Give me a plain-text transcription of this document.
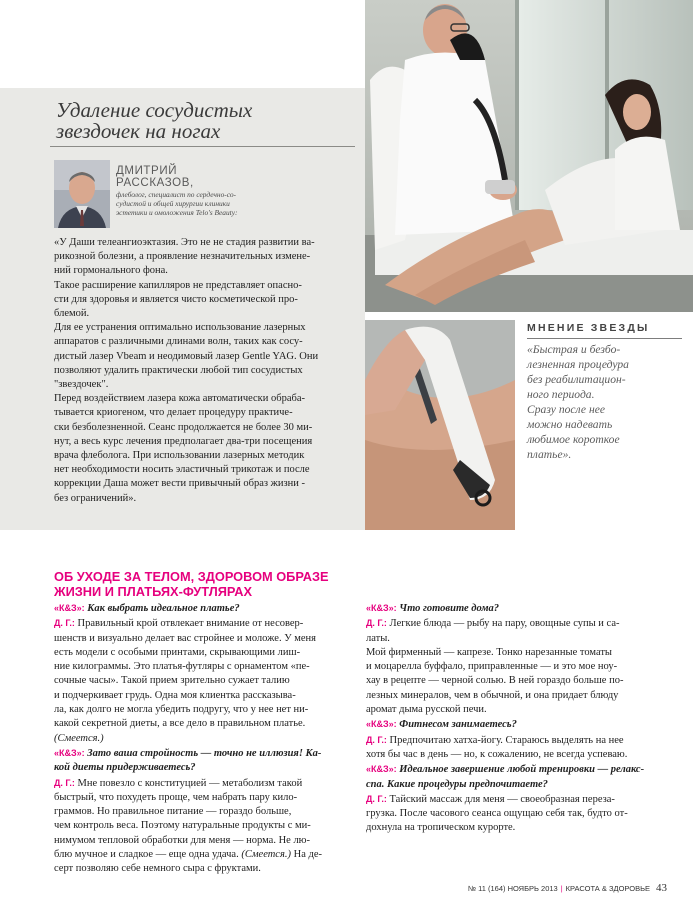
Удаление сосудистых
звездочек на ногах
ДМИТРИЙ
РАССКАЗОВ,
флеболог, специалист по сердечно-со-
судистой и общей хирургии клиники
эстетики и омоложения Telo's Beauty:

«У Даши телеангиоэктазия. Это не не стадия развитии ва-

рикозной болезни, а проявление незначительных измене-

ний гормонального фона.

Такое расширение капилляров не представляет опасно-

сти для здоровья и является чисто косметической про-

блемой.

Для ее устранения оптимально использование лазерных

аппаратов с различными длинами волн, таких как сосу-

дистый лазер Vbeam и неодимовый лазер Gentle YAG. Они

позволяют удалить практически любой тип сосудистых

"звездочек".

Перед воздействием лазера кожа автоматически обраба-

тывается криогеном, что делает процедуру практиче-

ски безболезненной. Сеанс продолжается не более 30 ми-

нут, а весь курс лечения предполагает два-три посещения

врача флеболога. При использовании лазерных методик

нет необходимости носить эластичный трикотаж и после

коррекции Даша может вести привычный образ жизни -

без ограничений».

МНЕНИЕ ЗВЕЗДЫ
«Быстрая и безбо-
лезненная процедура
без реабилитацион-
ного периода.
Сразу после нее
можно надевать
любимое короткое
платье».
ОБ УХОДЕ ЗА ТЕЛОМ, ЗДОРОВОМ ОБРАЗЕ
ЖИЗНИ И ПЛАТЬЯХ-ФУТЛЯРАХ

«К&З»: Как выбрать идеальное платье?

Д. Г.: Правильный крой отвлекает внимание от несовер-

шенств и визуально делает вас стройнее и моложе. У меня

есть модели с особыми принтами, скрывающими лиш-

ние килограммы. Это платья-футляры с орнаментом «пе-

сочные часы». Такой прием зрительно сужает талию

и подчеркивает грудь. Одна моя клиентка рассказыва-

ла, как долго не могла убедить подругу, что у нее нет ни-

какой секретной диеты, а все дело в правильном платье.

(Смеется.)

«К&З»: Зато ваша стройность — точно не иллюзия! Ка-

кой диеты придерживаетесь?

Д. Г.: Мне повезло с конституцией — метаболизм такой

быстрый, что похудеть проще, чем набрать пару кило-

граммов. Но правильное питание — гораздо больше,

чем контроль веса. Поэтому натуральные продукты с ми-

нимумом тепловой обработки для меня — норма. Не лю-

блю мучное и сладкое — еще одна удача. (Смеется.) На де-

серт позволяю себе немного сыра с фруктами.

«К&З»: Что готовите дома?

Д. Г.: Легкие блюда — рыбу на пару, овощные супы и са-

латы.

Мой фирменный — капрезе. Тонко нарезанные томаты

и моцарелла буффало, приправленные — и это мое ноу-

хау в рецепте — черной солью. В ней гораздо больше по-

лезных минералов, чем в обычной, и она придает блюду

аромат дыма русской печи.

«К&З»: Фитнесом занимаетесь?

Д. Г.: Предпочитаю хатха-йогу. Стараюсь выделять на нее

хотя бы час в день — но, к сожалению, не всегда успеваю.

«К&З»: Идеальное завершение любой тренировки — релакс-

спа. Какие процедуры предпочитаете?

Д. Г.: Тайский массаж для меня — своеобразная переза-

грузка. После часового сеанса ощущаю себя так, будто от-

дохнула на тропическом курорте.

№ 11 (164) НОЯБРЬ 2013 | КРАСОТА & ЗДОРОВЬЕ 43
